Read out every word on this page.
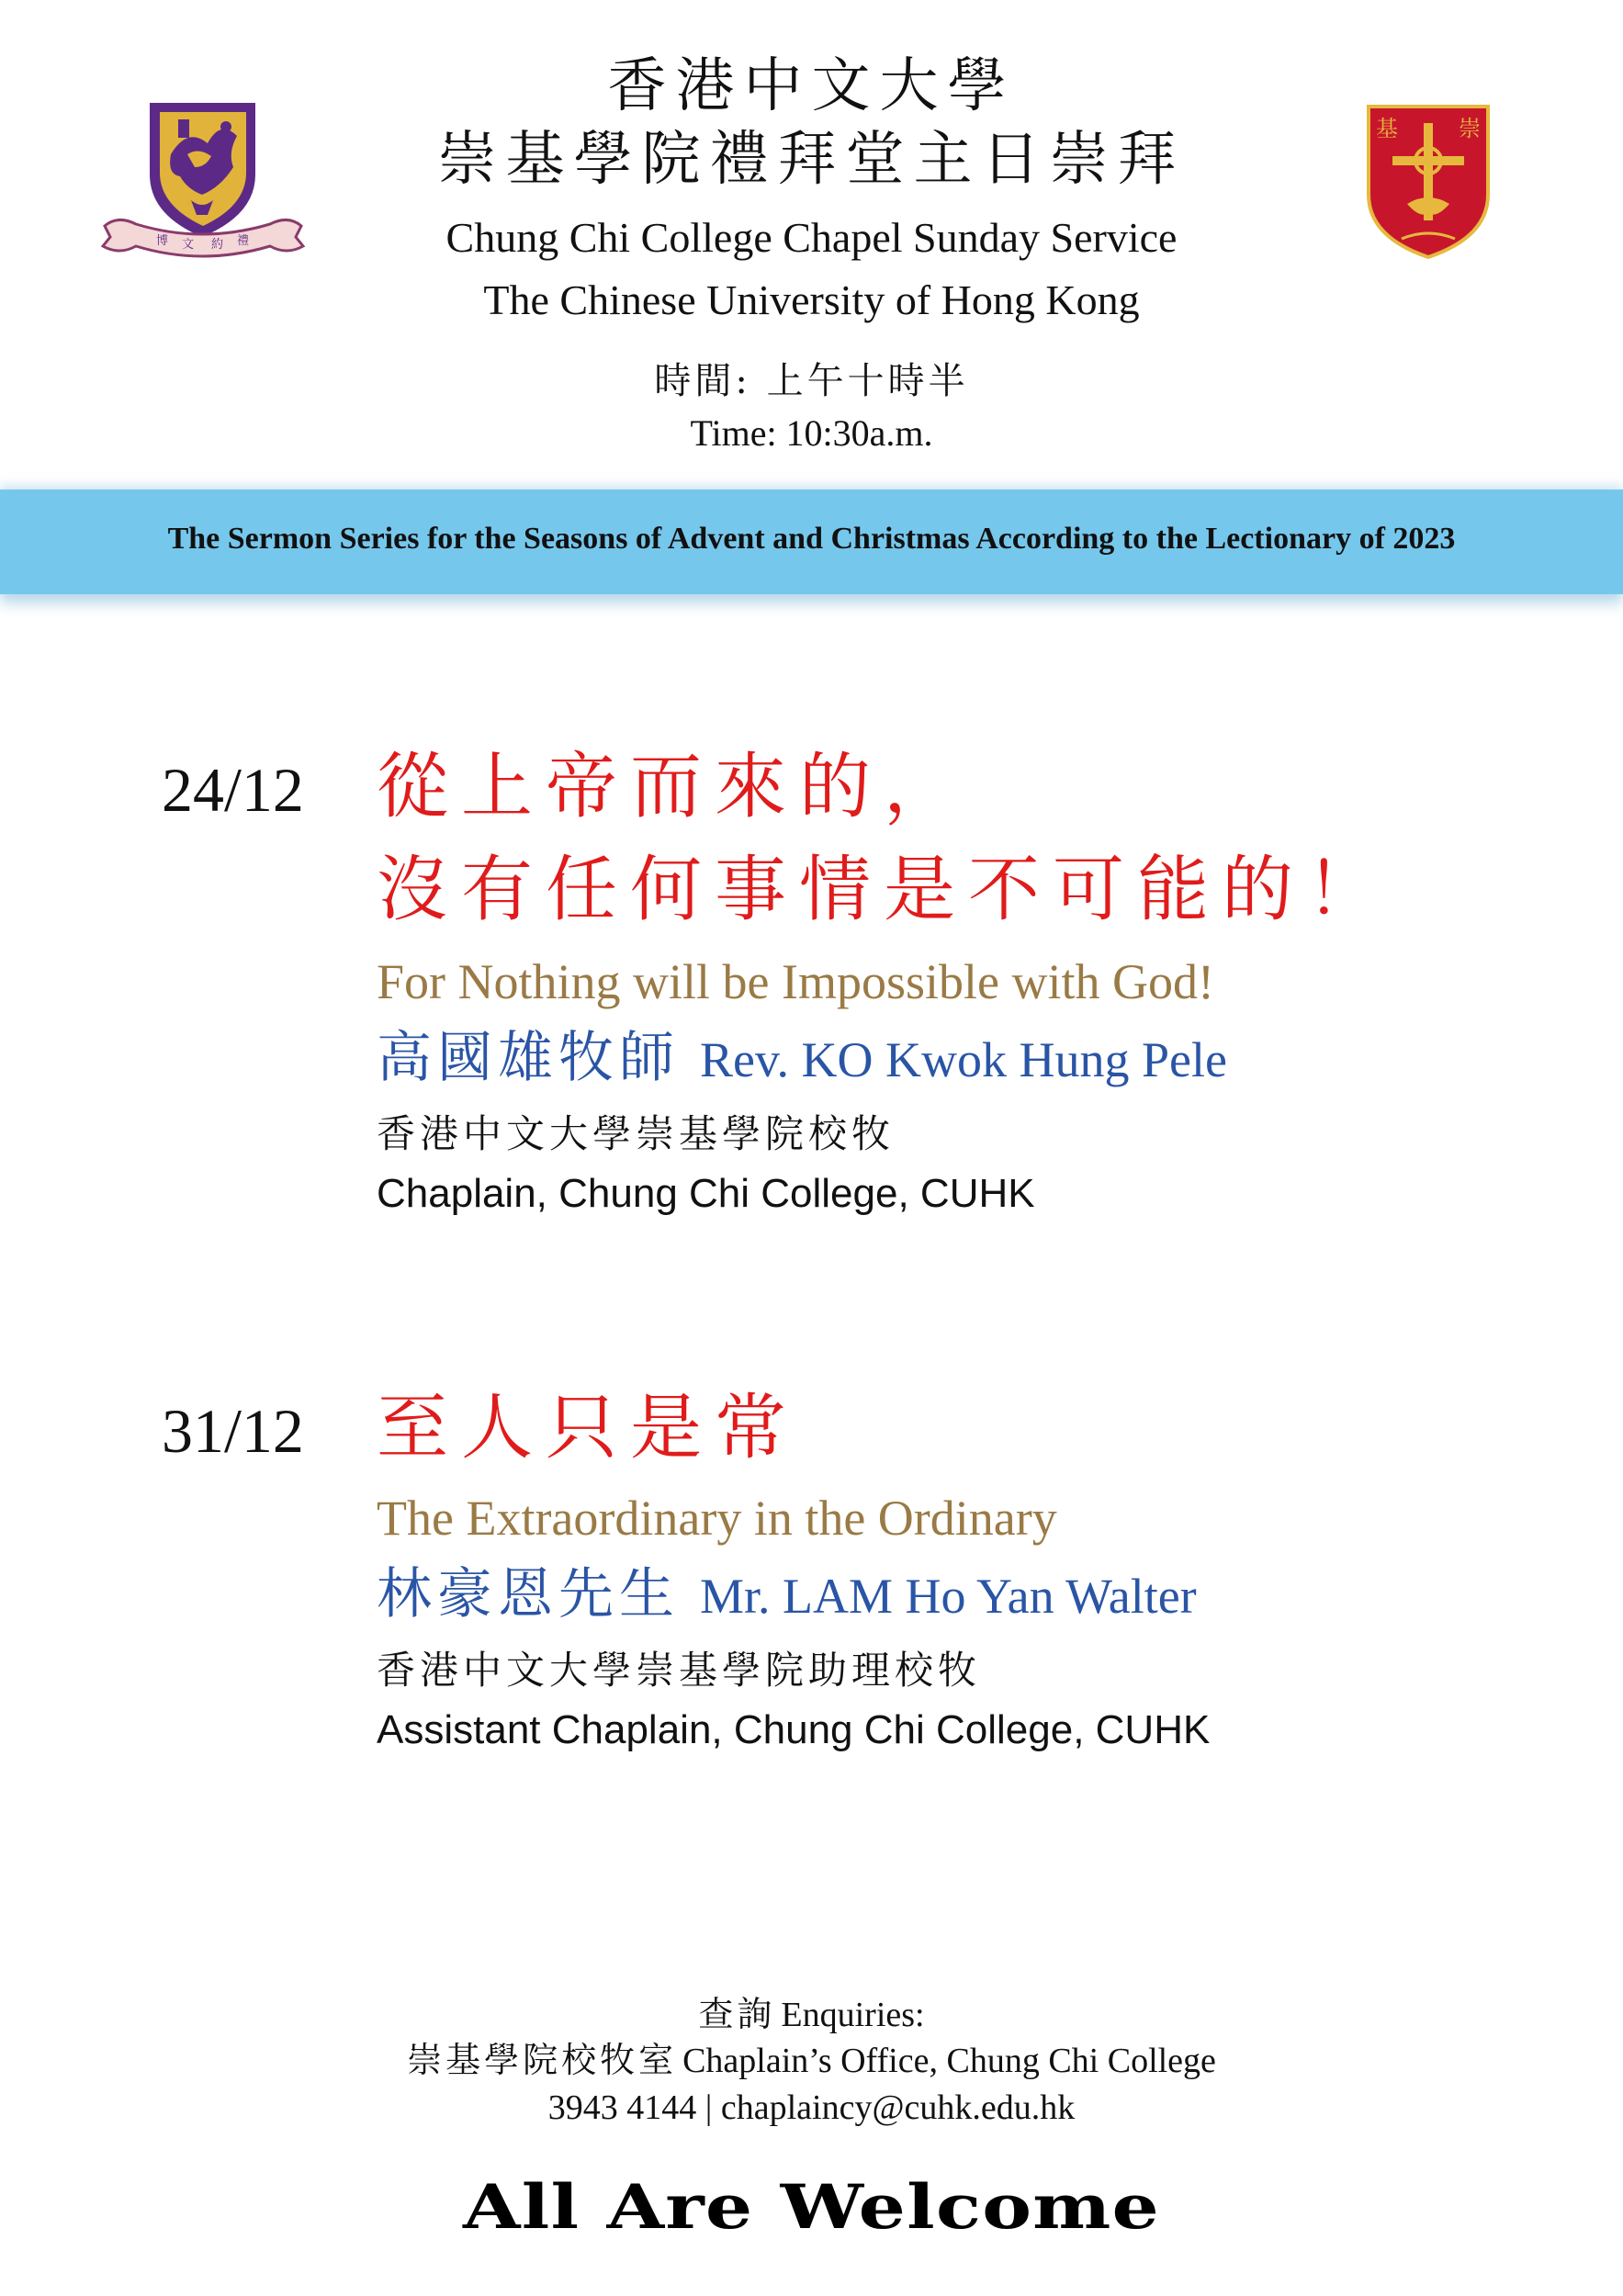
博 文 約 禮
基	崇
香港中文大學
崇基學院禮拜堂主日崇拜
Chung Chi College Chapel Sunday Service
The Chinese University of Hong Kong
時間: 上午十時半
Time: 10:30a.m.
The Sermon Series for the Seasons of Advent and Christmas According to the Lectionary of 2023
24/12 從上帝而來的，
沒有任何事情是不可能的！
For Nothing will be Impossible with God!
高國雄牧師 Rev. KO Kwok Hung Pele
香港中文大學崇基學院校牧
Chaplain, Chung Chi College, CUHK
31/12 至人只是常
The Extraordinary in the Ordinary
林豪恩先生 Mr. LAM Ho Yan Walter
香港中文大學崇基學院助理校牧
Assistant Chaplain, Chung Chi College, CUHK
查詢 Enquiries:
崇基學院校牧室 Chaplain’s Office, Chung Chi College
3943 4144 | chaplaincy@cuhk.edu.hk
All Are Welcome
